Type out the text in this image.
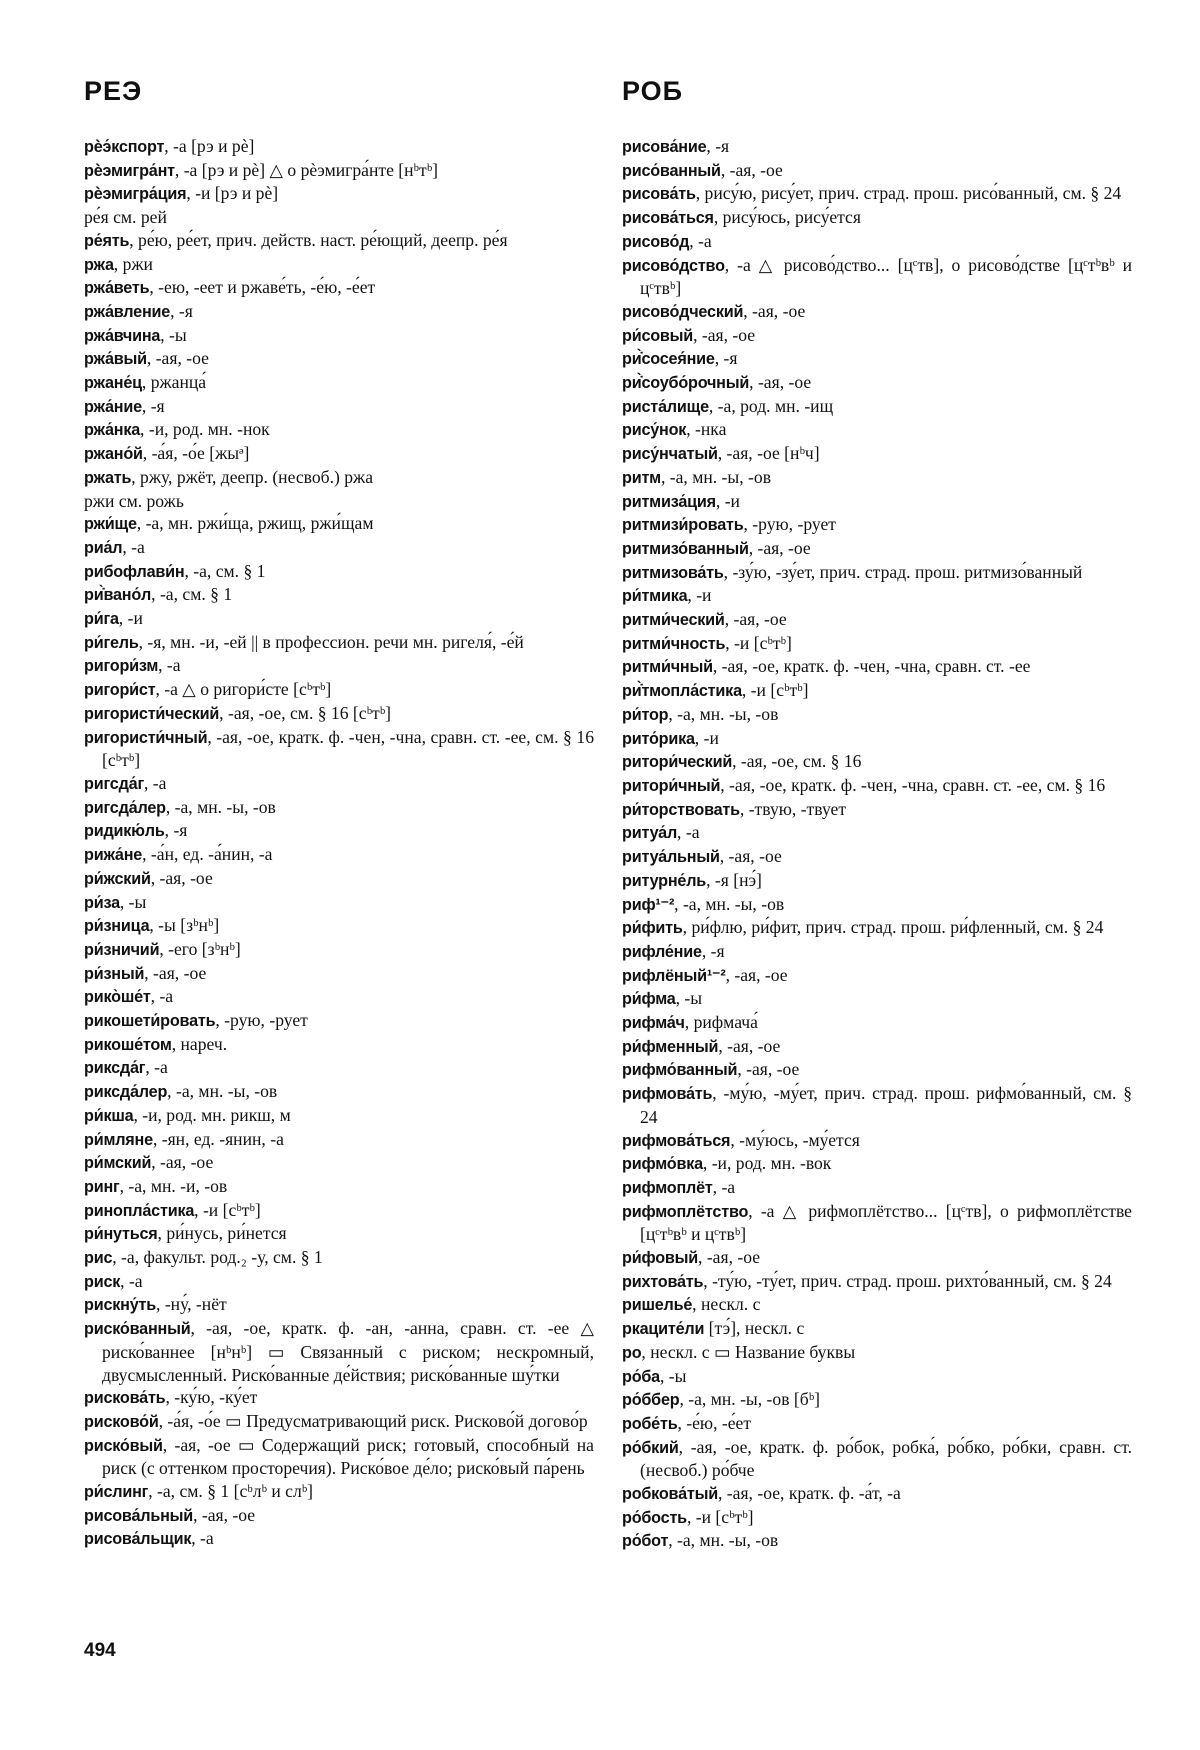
РЕЭ	РОБ
рѐэ́кспорт, -а [рэ и рѐ]
рѐэмигра́нт, -а [рэ и рѐ] △ о рѐэмигра́нте [нᵇтᵇ]
рѐэмигра́ция, -и [рэ и рѐ]
ре́я см. рей
ре́ять, ре́ю, ре́ет, прич. действ. наст. ре́ющий, деепр. ре́я
ржа, ржи
ржа́веть, -ею, -еет и ржаве́ть, -е́ю, -е́ет
ржа́вление, -я
ржа́вчина, -ы
ржа́вый, -ая, -ое
ржане́ц, ржанца́
ржа́ние, -я
ржа́нка, -и, род. мн. -нок
ржано́й, -а́я, -о́е [жыᵊ]
ржать, ржу, ржёт, деепр. (несвоб.) ржа
ржи см. рожь
ржи́ще, -а, мн. ржи́ща, ржищ, ржи́щам
риа́л, -а
рибофлави́н, -а, см. § 1
ри̇̀вано́л, -а, см. § 1
ри́га, -и
ри́гель, -я, мн. -и, -ей || в профессион. речи мн. ригеля́, -е́й
ригори́зм, -а
ригори́ст, -а △ о ригори́сте [сᵇтᵇ]
ригористи́ческий, -ая, -ое, см. § 16 [сᵇтᵇ]
ригористи́чный, -ая, -ое, кратк. ф. -чен, -чна, сравн. ст. -ее, см. § 16 [сᵇтᵇ]
ригсда́г, -а
ригсда́лер, -а, мн. -ы, -ов
ридикю́ль, -я
рижа́не, -а́н, ед. -а́нин, -а
ри́жский, -ая, -ое
ри́за, -ы
ри́зница, -ы [зᵇнᵇ]
ри́зничий, -его [зᵇнᵇ]
ри́зный, -ая, -ое
рико̀ше́т, -а
рикошети́ровать, -рую, -рует
рикоше́том, нареч.
риксда́г, -а
риксда́лер, -а, мн. -ы, -ов
ри́кша, -и, род. мн. рикш, м
ри́мляне, -ян, ед. -янин, -а
ри́мский, -ая, -ое
ринг, -а, мн. -и, -ов
ринопла́стика, -и [сᵇтᵇ]
ри́нуться, ри́нусь, ри́нется
рис, -а, факульт. род.₂ -у, см. § 1
риск, -а
рискну́ть, -ну́, -нёт
риско́ванный, -ая, -ое, кратк. ф. -ан, -анна, сравн. ст. -ее △ риско́ваннее [нᵇнᵇ] ▭ Связанный с риском; нескромный, двусмысленный. Риско́ванные де́йствия; риско́ванные шу́тки
рискова́ть, -ку́ю, -ку́ет
рисково́й, -а́я, -о́е ▭ Предусматривающий риск. Рисково́й догово́р
риско́вый, -ая, -ое ▭ Содержащий риск; готовый, способный на риск (с оттенком просторечия). Риско́вое де́ло; риско́вый па́рень
ри́слинг, -а, см. § 1 [сᵇлᵇ и слᵇ]
рисова́льный, -ая, -ое
рисова́льщик, -а
рисова́ние, -я
рисо́ванный, -ая, -ое
рисова́ть, рису́ю, рису́ет, прич. страд. прош. рисо́ванный, см. § 24
рисова́ться, рису́юсь, рису́ется
рисово́д, -а
рисово́дство, -а △ рисово́дство... [цᶜтв], о рисово́дстве [цᶜтᵇвᵇ и цᶜтвᵇ]
рисово́дческий, -ая, -ое
ри́совый, -ая, -ое
ри̇̀сосея́ние, -я
ри̇̀соубо́рочный, -ая, -ое
риста́лище, -а, род. мн. -ищ
рису́нок, -нка
рису́нчатый, -ая, -ое [нᵇч]
ритм, -а, мн. -ы, -ов
ритмиза́ция, -и
ритмизи́ровать, -рую, -рует
ритмизо́ванный, -ая, -ое
ритмизова́ть, -зу́ю, -зу́ет, прич. страд. прош. ритмизо́ванный
ри́тмика, -и
ритми́ческий, -ая, -ое
ритми́чность, -и [сᵇтᵇ]
ритми́чный, -ая, -ое, кратк. ф. -чен, -чна, сравн. ст. -ее
ри̇̀тмопла́стика, -и [сᵇтᵇ]
ри́тор, -а, мн. -ы, -ов
рито́рика, -и
ритори́ческий, -ая, -ое, см. § 16
ритори́чный, -ая, -ое, кратк. ф. -чен, -чна, сравн. ст. -ее, см. § 16
ри́торствовать, -твую, -твует
ритуа́л, -а
ритуа́льный, -ая, -ое
ритурне́ль, -я [нэ́]
риф¹⁻², -а, мн. -ы, -ов
ри́фить, ри́флю, ри́фит, прич. страд. прош. ри́фленный, см. § 24
рифле́ние, -я
рифлёный¹⁻², -ая, -ое
ри́фма, -ы
рифма́ч, рифмача́
ри́фменный, -ая, -ое
рифмо́ванный, -ая, -ое
рифмова́ть, -му́ю, -му́ет, прич. страд. прош. рифмо́ванный, см. § 24
рифмова́ться, -му́юсь, -му́ется
рифмо́вка, -и, род. мн. -вок
рифмоплёт, -а
рифмоплётство, -а △ рифмоплётство... [цᶜтв], о рифмоплётстве [цᶜтᵇвᵇ и цᶜтвᵇ]
ри́фовый, -ая, -ое
рихтова́ть, -ту́ю, -ту́ет, прич. страд. прош. рихто́ванный, см. § 24
ришелье́, нескл. с
ркаците́ли [тэ́], нескл. с
ро, нескл. с ▭ Название буквы
ро́ба, -ы
ро́ббер, -а, мн. -ы, -ов [бᵇ]
робе́ть, -е́ю, -е́ет
ро́бкий, -ая, -ое, кратк. ф. ро́бок, робка́, ро́бко, ро́бки, сравн. ст. (несвоб.) ро́бче
робкова́тый, -ая, -ое, кратк. ф. -а́т, -а
ро́бость, -и [сᵇтᵇ]
ро́бот, -а, мн. -ы, -ов
494
